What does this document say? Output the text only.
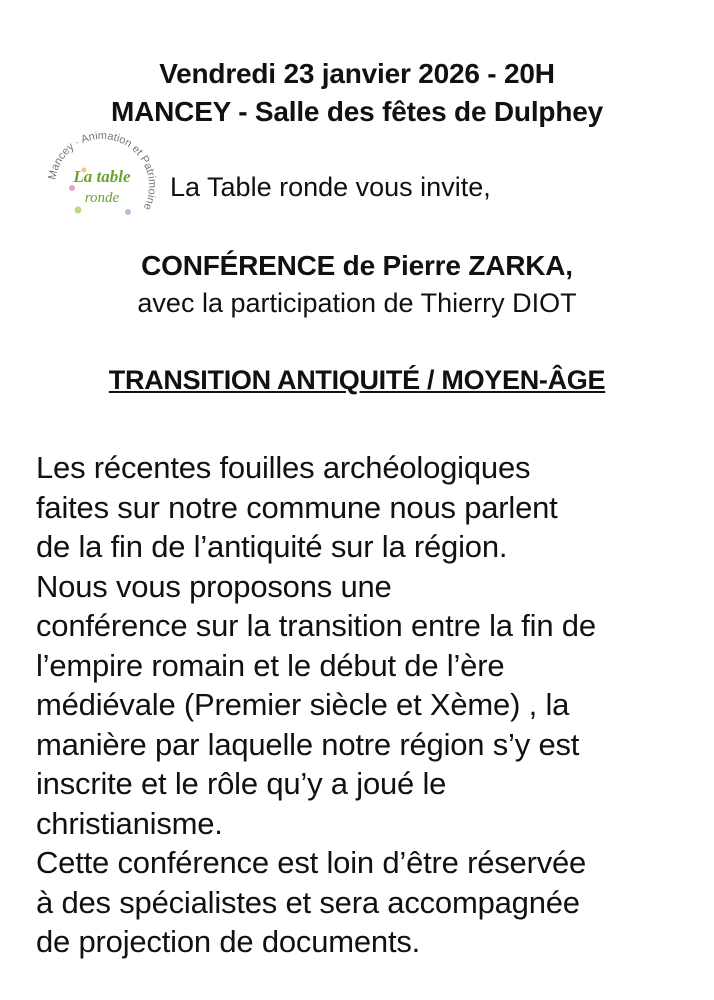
Vendredi 23 janvier 2026 - 20H
MANCEY - Salle des fêtes de Dulphey
Mancey · Animation et Patrimoine
La table
ronde La Table ronde vous invite,
CONFÉRENCE de Pierre ZARKA,
avec la participation de Thierry DIOT
TRANSITION ANTIQUITÉ / MOYEN-ÂGE

Les récentes fouilles archéologiques

faites sur notre commune nous parlent

de la fin de l’antiquité sur la région.

Nous vous proposons une

conférence sur la transition entre la fin de

l’empire romain et le début de l’ère

médiévale (Premier siècle et Xème) , la

manière par laquelle notre région s’y est

inscrite et le rôle qu’y a joué le

christianisme.

Cette conférence est loin d’être réservée

à des spécialistes et sera accompagnée

de projection de documents.
